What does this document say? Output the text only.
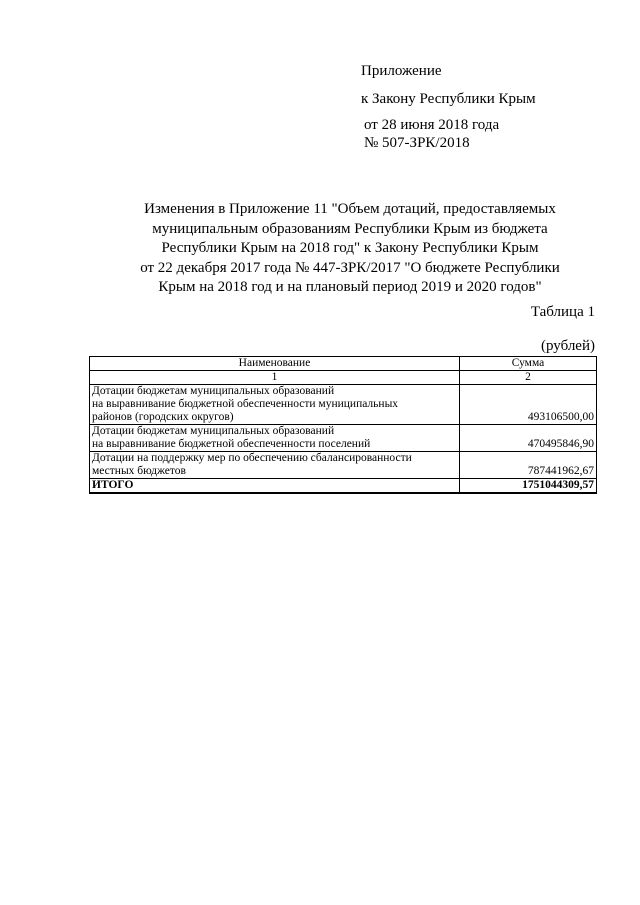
Приложение
к Закону Республики Крым
от 28 июня 2018 года
№ 507-ЗРК/2018
Изменения в Приложение 11 "Объем дотаций, предоставляемых
муниципальным образованиям Республики Крым из бюджета
Республики Крым на 2018 год" к Закону Республики Крым
от 22 декабря 2017 года № 447-ЗРК/2017 "О бюджете Республики
Крым на 2018 год и на плановый период 2019 и 2020 годов"
Таблица 1
(рублей)
Наименование	Сумма
1	2

Дотации бюджетам муниципальных образований
на выравнивание бюджетной обеспеченности муниципальных
районов (городских округов)	493106500,00

Дотации бюджетам муниципальных образований
на выравнивание бюджетной обеспеченности поселений	470495846,90

Дотации на поддержку мер по обеспечению сбалансированности
местных бюджетов	787441962,67
ИТОГО	1751044309,57
